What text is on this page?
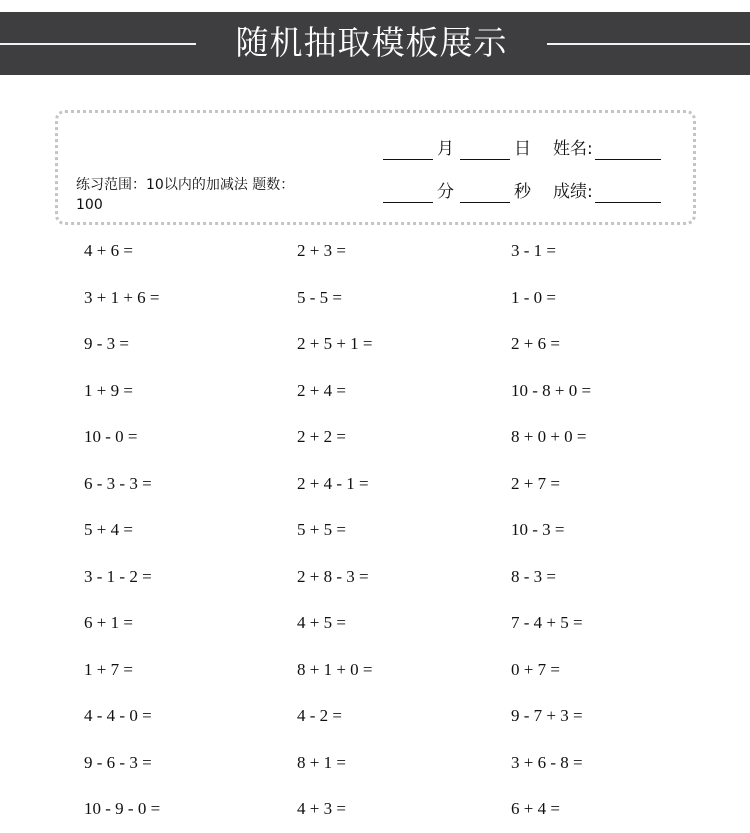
随机抽取模板展示
练习范围：10以内的加减法 题数：100
月	日 姓名:
分	秒 成绩:
4 + 6 =	2 + 3 =	3 - 1 =
3 + 1 + 6 =	5 - 5 =	1 - 0 =
9 - 3 =	2 + 5 + 1 =	2 + 6 =
1 + 9 =	2 + 4 =	10 - 8 + 0 =
10 - 0 =	2 + 2 =	8 + 0 + 0 =
6 - 3 - 3 =	2 + 4 - 1 =	2 + 7 =
5 + 4 =	5 + 5 =	10 - 3 =
3 - 1 - 2 =	2 + 8 - 3 =	8 - 3 =
6 + 1 =	4 + 5 =	7 - 4 + 5 =
1 + 7 =	8 + 1 + 0 =	0 + 7 =
4 - 4 - 0 =	4 - 2 =	9 - 7 + 3 =
9 - 6 - 3 =	8 + 1 =	3 + 6 - 8 =
10 - 9 - 0 =	4 + 3 =	6 + 4 =
